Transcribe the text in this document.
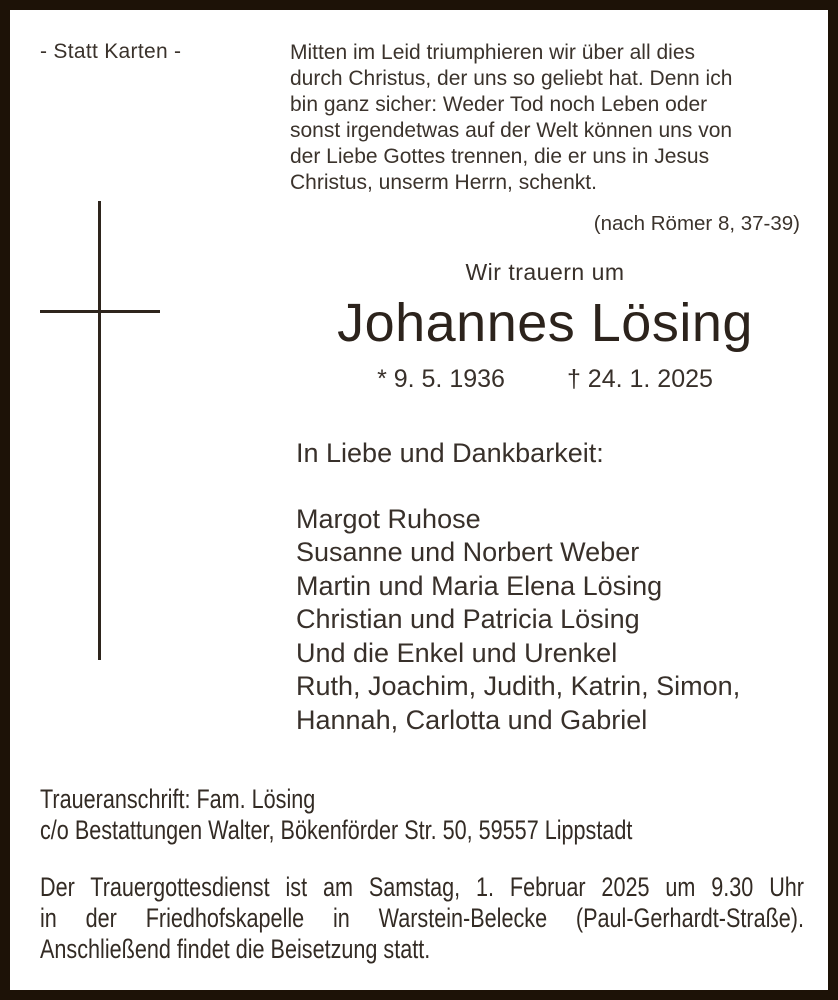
- Statt Karten -	Mitten im Leid triumphieren wir über all dies
durch Christus, der uns so geliebt hat. Denn ich
bin ganz sicher: Weder Tod noch Leben oder
sonst irgendetwas auf der Welt können uns von
der Liebe Gottes trennen, die er uns in Jesus
Christus, unserm Herrn, schenkt.
(nach Römer 8, 37-39)
Wir trauern um
Johannes Lösing
* 9. 5. 1936 † 24. 1. 2025
In Liebe und Dankbarkeit:
Margot Ruhose
Susanne und Norbert Weber
Martin und Maria Elena Lösing
Christian und Patricia Lösing
Und die Enkel und Urenkel
Ruth, Joachim, Judith, Katrin, Simon,
Hannah, Carlotta und Gabriel
Traueranschrift: Fam. Lösing
c/o Bestattungen Walter, Bökenförder Str. 50, 59557 Lippstadt
Der Trauergottesdienst ist am Samstag, 1. Februar 2025 um 9.30 Uhr
in der Friedhofskapelle in Warstein-Belecke (Paul-Gerhardt-Straße).
Anschließend findet die Beisetzung statt.
